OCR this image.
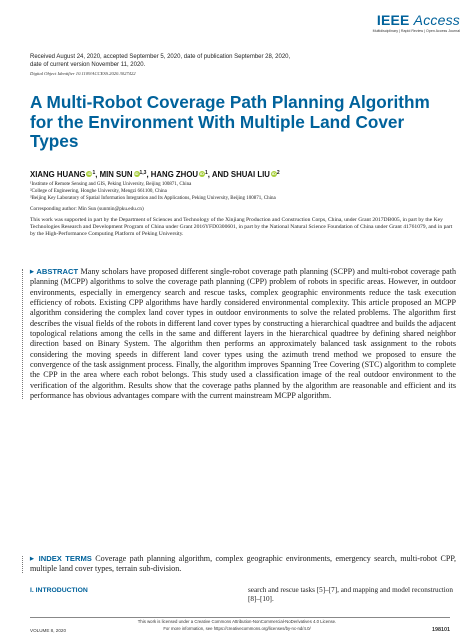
IEEE Access
Multidisciplinary | Rapid Review | Open Access Journal
Received August 24, 2020, accepted September 5, 2020, date of publication September 28, 2020,
date of current version November 11, 2020.
Digital Object Identifier 10.1109/ACCESS.2020.3027422
A Multi-Robot Coverage Path Planning Algorithm for the Environment With Multiple Land Cover Types
XIANG HUANG $iD^1$, MIN SUN iD$^{1,3}$, HANG ZHOU $iD^1$, AND SHUAI LIU $iD^2$
¹Institute of Remote Sensing and GIS, Peking University, Beijing 100871, China
²College of Engineering, Honghe University, Mengzi 661100, China
³Beijing Key Laboratory of Spatial Information Integration and Its Applications, Peking University, Beijing 100871, China
Corresponding author: Min Sun (sunmin@pku.edu.cn)
This work was supported in part by the Department of Sciences and Technology of the Xinjiang Production and Construction Corps, China, under Grant 2017DB005, in part by the Key Technologies Research and Development Program of China under Grant 2016YFD0300601, in part by the National Natural Science Foundation of China under Grant 41761079, and in part by the High-Performance Computing Platform of Peking University.
▶ ABSTRACT Many scholars have proposed different single-robot coverage path planning (SCPP) and multi-robot coverage path planning (MCPP) algorithms to solve the coverage path planning (CPP) problem of robots in specific areas. However, in outdoor environments, especially in emergency search and rescue tasks, complex geographic environments reduce the task execution efficiency of robots. Existing CPP algorithms have hardly considered environmental complexity. This article proposed an MCPP algorithm considering the complex land cover types in outdoor environments to solve the related problems. The algorithm first describes the visual fields of the robots in different land cover types by constructing a hierarchical quadtree and builds the adjacent topological relations among the cells in the same and different layers in the hierarchical quadtree by defining shared neighbor direction based on Binary System. The algorithm then performs an approximately balanced task assignment to the robots considering the moving speeds in different land cover types using the azimuth trend method we proposed to ensure the convergence of the task assignment process. Finally, the algorithm improves Spanning Tree Covering (STC) algorithm to complete the CPP in the area where each robot belongs. This study used a classification image of the real outdoor environment to the verification of the algorithm. Results show that the coverage paths planned by the algorithm are reasonable and efficient and its performance has obvious advantages compare with the current mainstream MCPP algorithm.
▶ INDEX TERMS Coverage path planning algorithm, complex geographic environments, emergency search, multi-robot CPP, multiple land cover types, terrain sub-division.
I. INTRODUCTION	search and rescue tasks [5]–[7], and mapping and model reconstruction [8]–[10].
This work is licensed under a Creative Commons Attribution-NonCommercial-NoDerivatives 4.0 License.
For more information, see https://creativecommons.org/licenses/by-nc-nd/4.0/
VOLUME 8, 2020	198101
